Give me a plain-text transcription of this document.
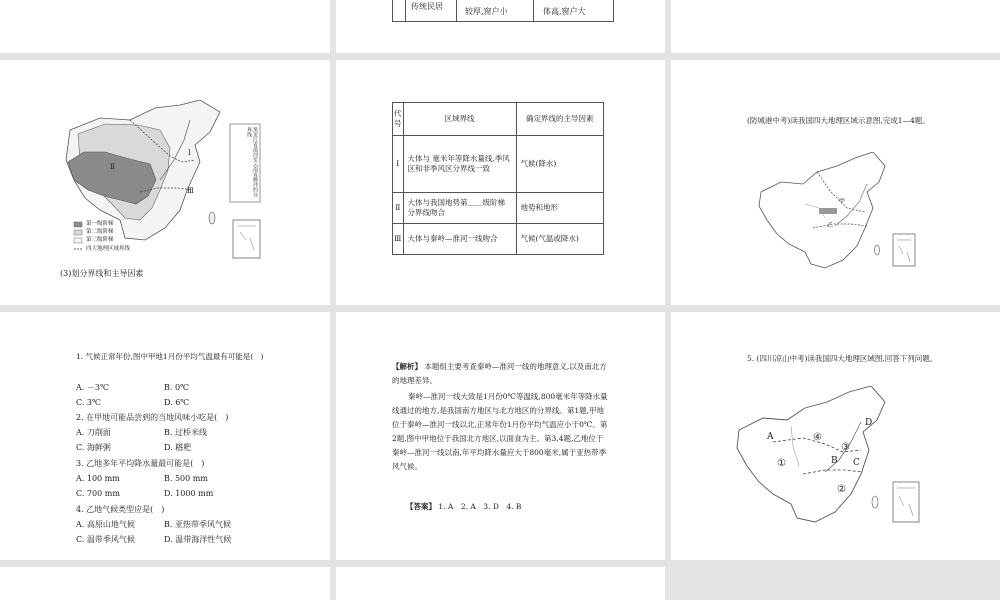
传统民居
较厚,窗户小	体高,窗户大
Ⅰ
Ⅱ
Ⅲ	黑龙江省漠河至云南省腾冲的分界线
第一级阶梯
第二级阶梯
第三级阶梯
四大地理区域界线
(3)划分界线和主导因素
代号	区域界线	确定界线的主导因素
Ⅰ	大体与 毫米年等降水量线,季风区和非季风区分界线一致	气候(降水)
Ⅱ	大体与我国地势第＿＿级阶梯分界线吻合	地势和地形
Ⅲ	大体与秦岭—淮河一线吻合	气候(气温或降水)
(防城港中考)读我国四大地理区域示意图,完成1—4题。
甲
乙
1. 气候正常年份,图中甲地1月份平均气温最有可能是(　)
A. －3℃	B. 0℃
C. 3℃	D. 6℃
2. 在甲地可能品尝到的当地风味小吃是(　)
A. 刀削面	B. 过桥米线
C. 海鲜粥	D. 糌粑
3. 乙地多年平均降水量最可能是(　)
A. 100 mm	B. 500 mm
C. 700 mm	D. 1000 mm
4. 乙地气候类型应是(　)
A. 高原山地气候	B. 亚热带季风气候
C. 温带季风气候	D. 温带海洋性气候
【解析】 本题组主要考查秦岭—淮河一线的地理意义,以及南北方的地理差异。
秦岭—淮河一线大致是1月份0℃等温线,800毫米年等降水量线通过的地方,是我国南方地区与北方地区的分界线。第1题,甲地位于秦岭—淮河一线以北,正常年份1月份平均气温应小于0℃。第2题,图中甲地位于我国北方地区,以面食为主。第3,4题,乙地位于秦岭—淮河一线以南,年平均降水量应大于800毫米,属于亚热带季风气候。
【答案】 1. A　2. A　3. D　4. B
5. (四川凉山中考)读我国四大地理区域图,回答下列问题。
A
B C
D
①
②
③
④
